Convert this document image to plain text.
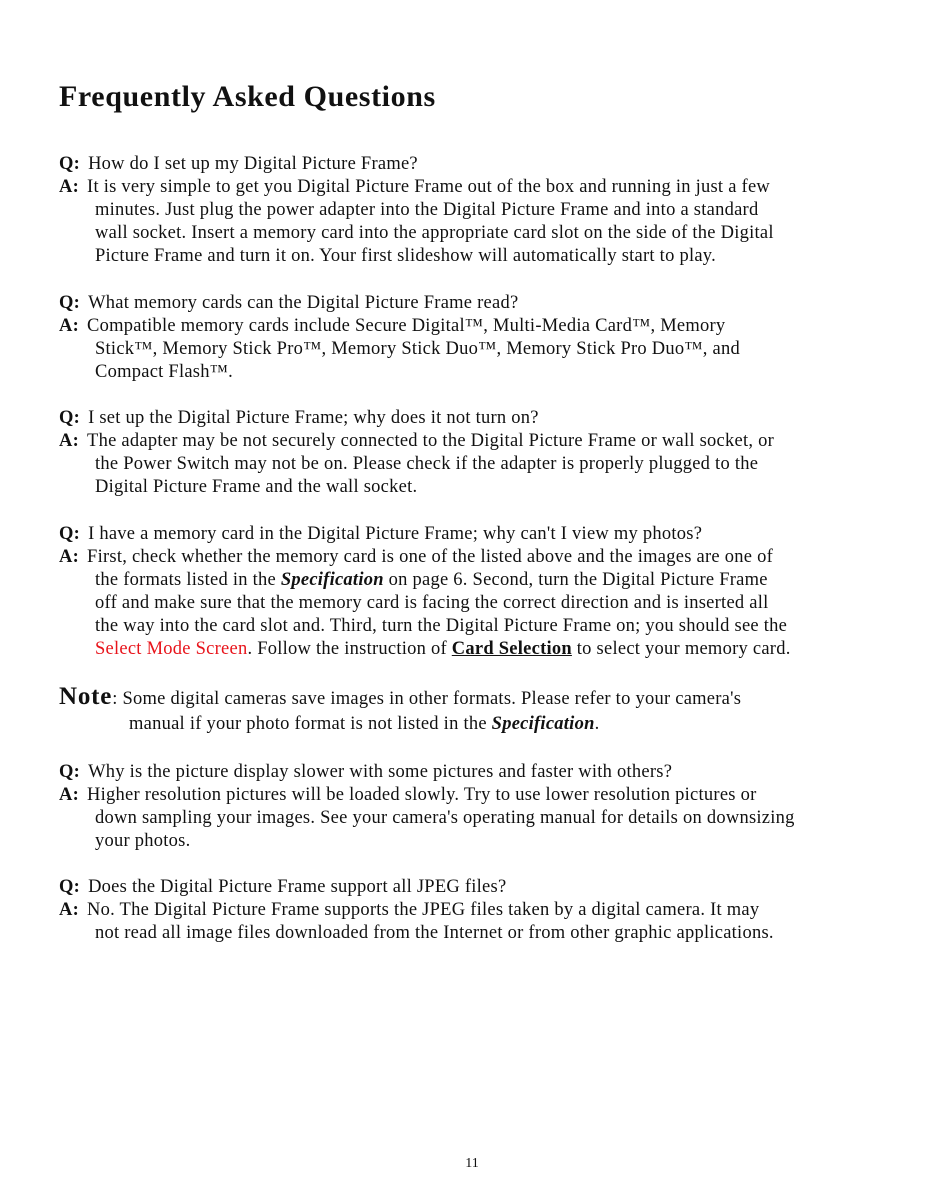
Frequently Asked Questions
Q: How do I set up my Digital Picture Frame?
A: It is very simple to get you Digital Picture Frame out of the box and running in just a few
minutes. Just plug the power adapter into the Digital Picture Frame and into a standard
wall socket. Insert a memory card into the appropriate card slot on the side of the Digital
Picture Frame and turn it on. Your first slideshow will automatically start to play.
Q: What memory cards can the Digital Picture Frame read?
A: Compatible memory cards include Secure Digital™, Multi-Media Card™, Memory
Stick™, Memory Stick Pro™, Memory Stick Duo™, Memory Stick Pro Duo™, and
Compact Flash™.
Q: I set up the Digital Picture Frame; why does it not turn on?
A: The adapter may be not securely connected to the Digital Picture Frame or wall socket, or
the Power Switch may not be on. Please check if the adapter is properly plugged to the
Digital Picture Frame and the wall socket.
Q: I have a memory card in the Digital Picture Frame; why can't I view my photos?
A: First, check whether the memory card is one of the listed above and the images are one of
the formats listed in the Specification on page 6. Second, turn the Digital Picture Frame
off and make sure that the memory card is facing the correct direction and is inserted all
the way into the card slot and. Third, turn the Digital Picture Frame on; you should see the
Select Mode Screen. Follow the instruction of Card Selection to select your memory card.
Note: Some digital cameras save images in other formats. Please refer to your camera's
manual if your photo format is not listed in the Specification.
Q: Why is the picture display slower with some pictures and faster with others?
A: Higher resolution pictures will be loaded slowly. Try to use lower resolution pictures or
down sampling your images. See your camera's operating manual for details on downsizing
your photos.
Q: Does the Digital Picture Frame support all JPEG files?
A: No. The Digital Picture Frame supports the JPEG files taken by a digital camera. It may
not read all image files downloaded from the Internet or from other graphic applications.
11
